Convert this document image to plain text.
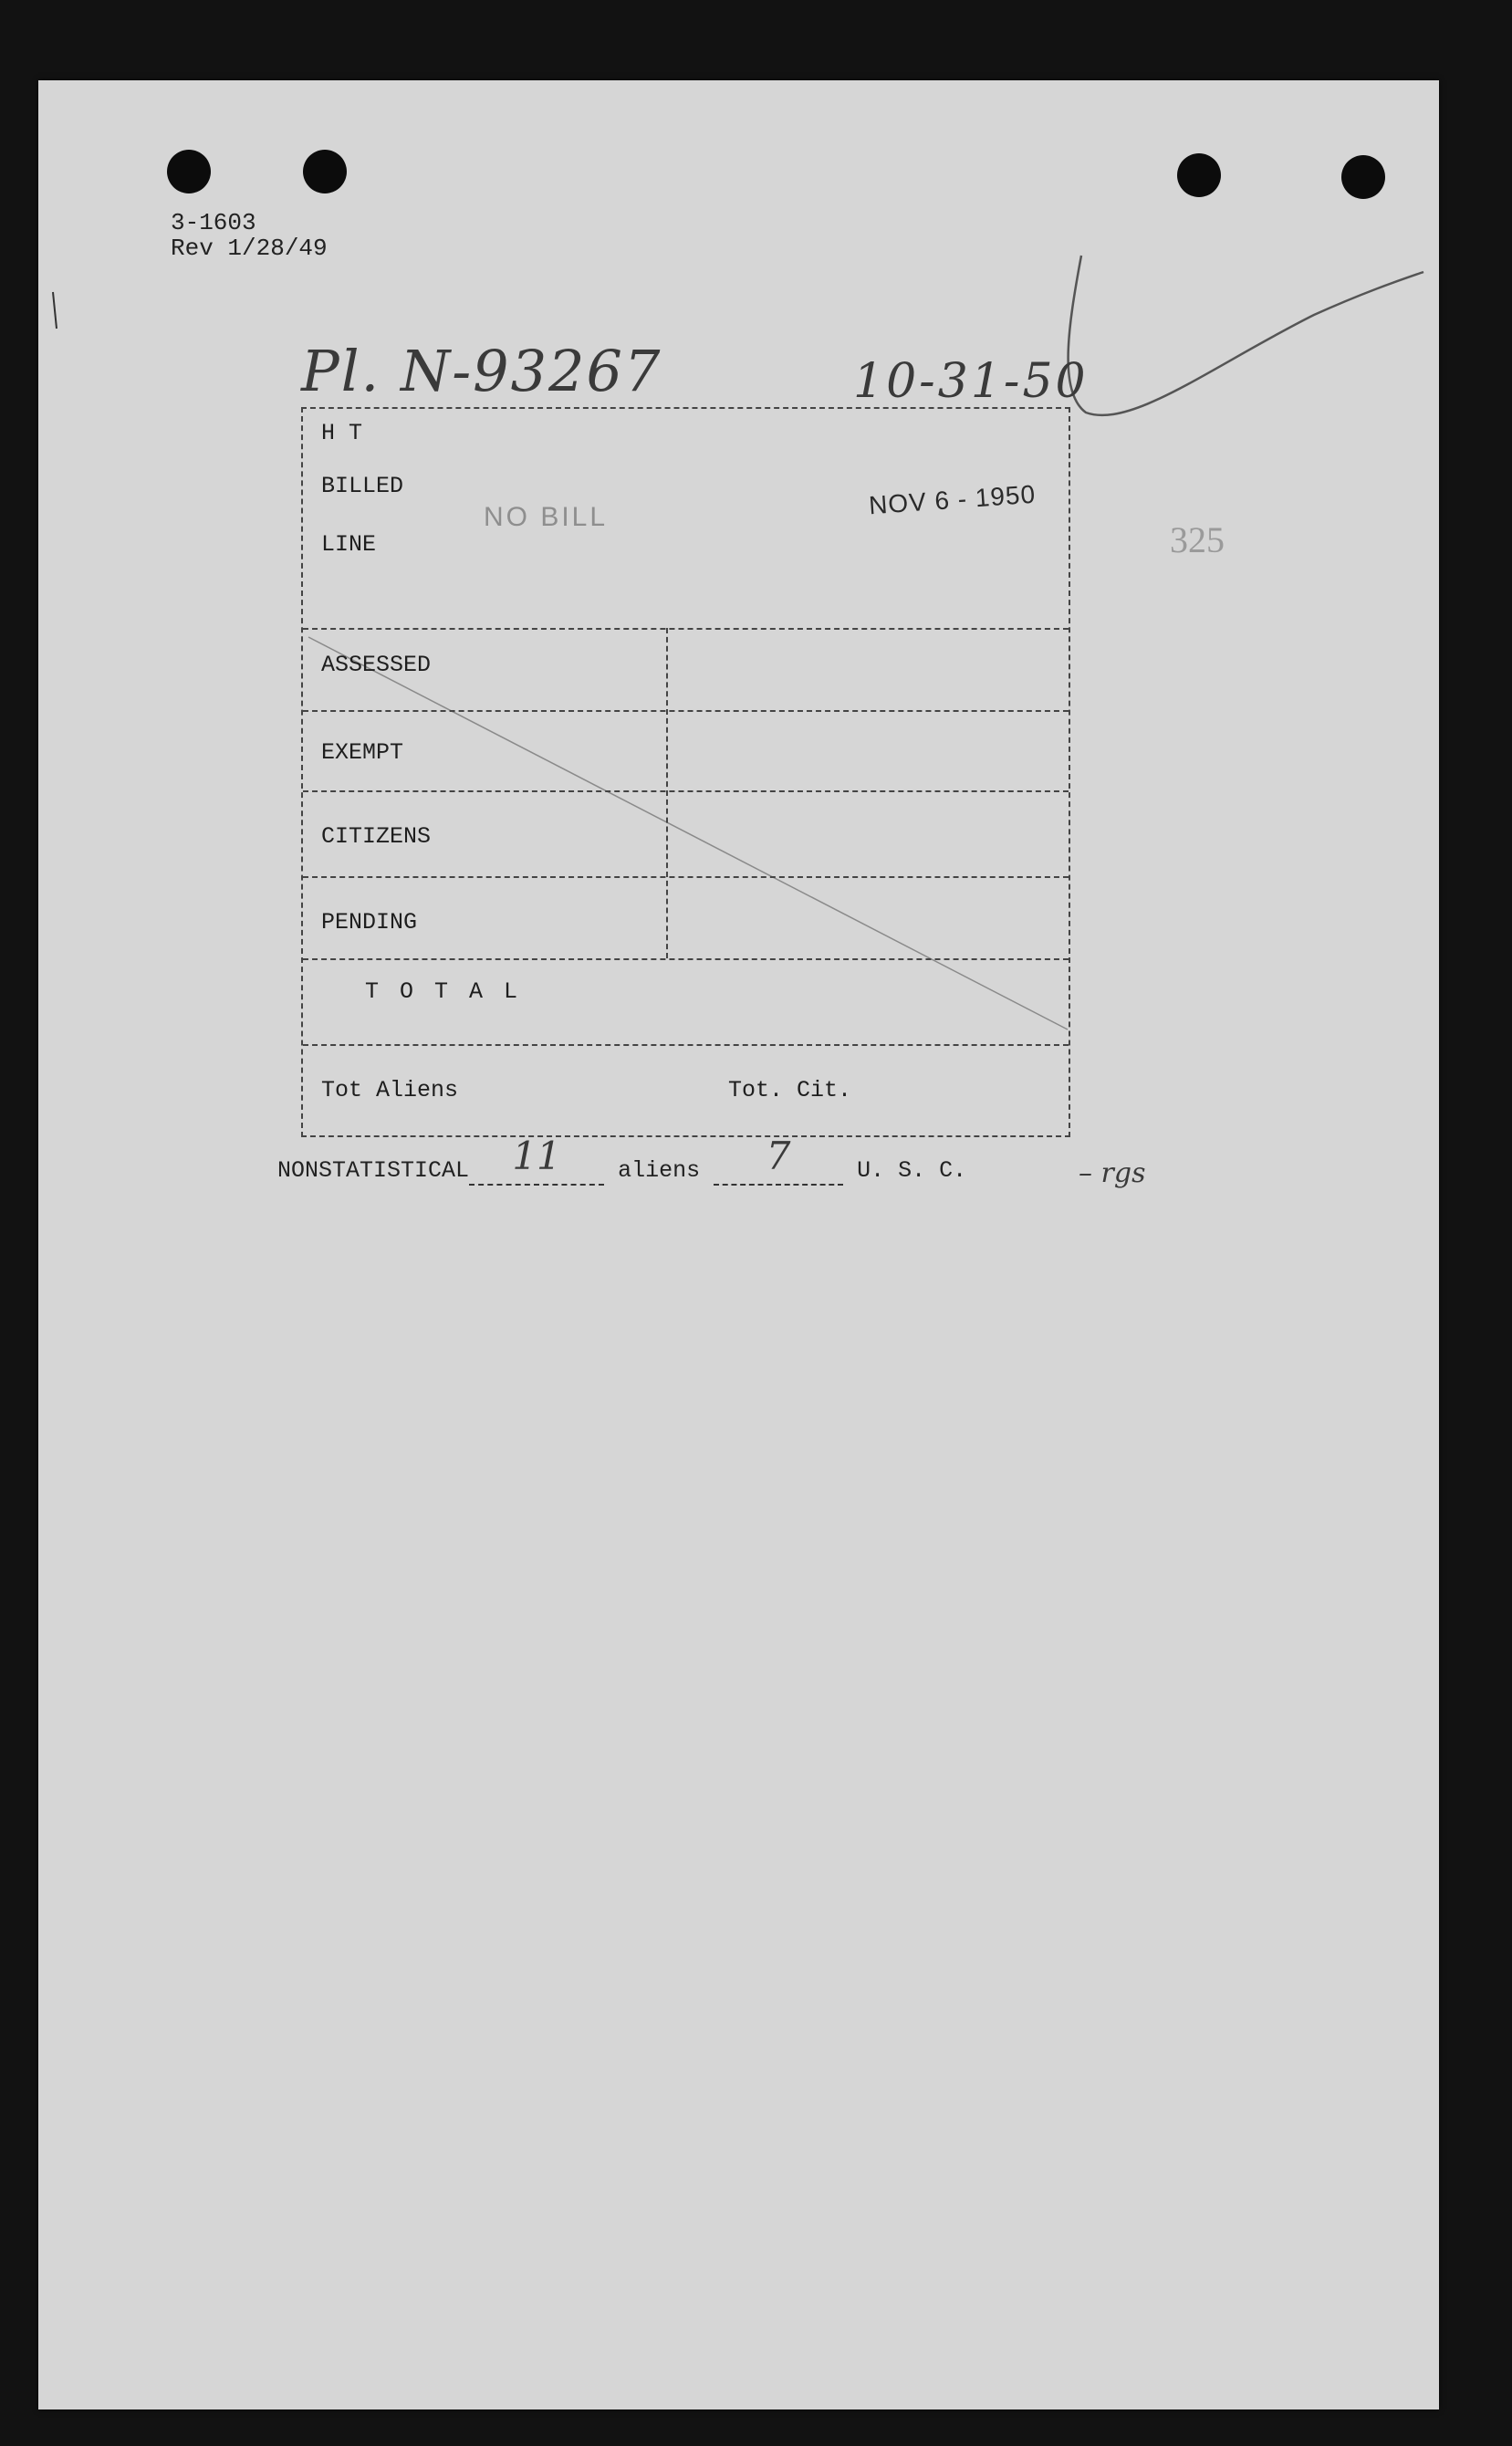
3-1603
Rev 1/28/49
Pl. N-93267	10-31-50
325
H T
BILLED
LINE
NO BILL	NOV 6 - 1950
ASSESSED
EXEMPT
CITIZENS
PENDING
T O T A L
Tot Aliens	Tot. Cit.
NONSTATISTICAL	11	aliens	7	U. S. C.	– rgs
